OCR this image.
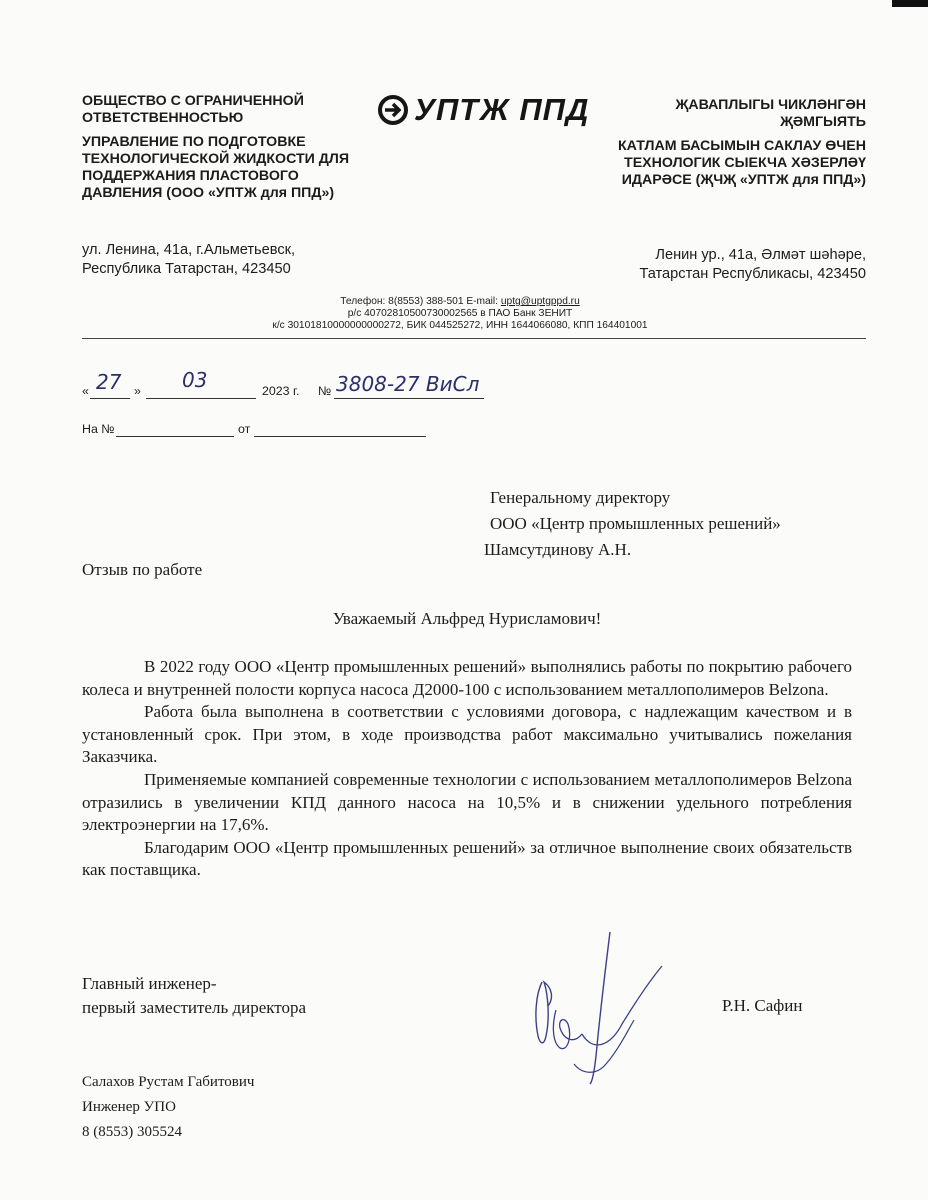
ОБЩЕСТВО С ОГРАНИЧЕННОЙ ОТВЕТСТВЕННОСТЬЮ
УПРАВЛЕНИЕ ПО ПОДГОТОВКЕ ТЕХНОЛОГИЧЕСКОЙ ЖИДКОСТИ ДЛЯ ПОДДЕРЖАНИЯ ПЛАСТОВОГО ДАВЛЕНИЯ (ООО «УПТЖ для ППД»)
УПТЖ ППД	ҖАВАПЛЫГЫ ЧИКЛӘНГӘН ҖӘМГЫЯТЬ
КАТЛАМ БАСЫМЫН САКЛАУ ӨЧЕН ТЕХНОЛОГИК СЫЕКЧА ХӘЗЕРЛӘҮ ИДАРӘСЕ (ҖЧҖ «УПТЖ для ППД»)
ул. Ленина, 41а, г.Альметьевск,
Республика Татарстан, 423450
Ленин ур., 41а, Әлмәт шәһәре,
Татарстан Республикасы, 423450
Телефон: 8(8553) 388-501 E-mail: uptg@uptgppd.ru
р/с 40702810500730002565 в ПАО Банк ЗЕНИТ
к/с 30101810000000000272, БИК 044525272, ИНН 1644066080, КПП 164401001
« 27 » 03	2023 г. № 3808-27 ВиСл
На №	от
Генеральному директору
ООО «Центр промышленных решений»
Шамсутдинову А.Н.
Отзыв по работе
Уважаемый Альфред Нурисламович!

В 2022 году ООО «Центр промышленных решений» выполнялись работы по покрытию рабочего колеса и внутренней полости корпуса насоса Д2000-100 с использованием металлополимеров Belzona.

Работа была выполнена в соответствии с условиями договора, с надлежащим качеством и в установленный срок. При этом, в ходе производства работ максимально учитывались пожелания Заказчика.

Применяемые компанией современные технологии с использованием металлополимеров Belzona отразились в увеличении КПД данного насоса на 10,5% и в снижении удельного потребления электроэнергии на 17,6%.

Благодарим ООО «Центр промышленных решений» за отличное выполнение своих обязательств как поставщика.

Главный инженер-
первый заместитель директора	Р.Н. Сафин
Салахов Рустам Габитович
Инженер УПО
8 (8553) 305524
